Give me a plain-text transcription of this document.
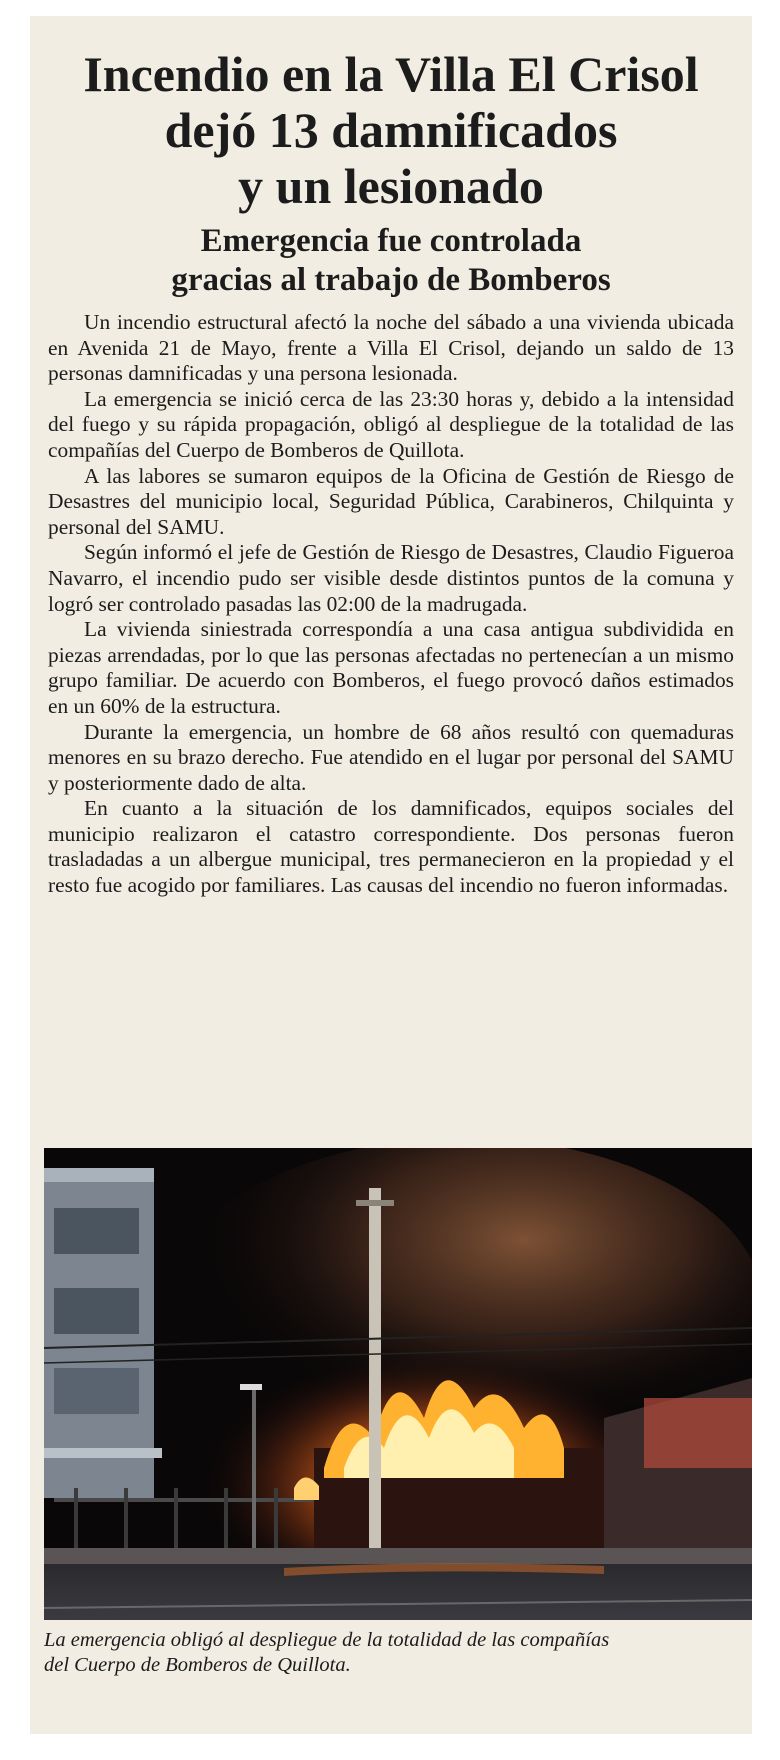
Incendio en la Villa El Crisol
dejó 13 damnificados
y un lesionado
Emergencia fue controlada
gracias al trabajo de Bomberos

Un incendio estructural afectó la noche del sábado a una vivienda ubicada en Avenida 21 de Mayo, frente a Villa El Crisol, dejando un saldo de 13 personas damnificadas y una persona lesionada.

La emergencia se inició cerca de las 23:30 horas y, debido a la intensidad del fuego y su rápida propagación, obligó al despliegue de la totalidad de las compañías del Cuerpo de Bomberos de Quillota.

A las labores se sumaron equipos de la Oficina de Gestión de Riesgo de Desastres del municipio local, Seguridad Pública, Carabineros, Chilquinta y personal del SAMU.

Según informó el jefe de Gestión de Riesgo de Desastres, Claudio Figueroa Navarro, el incendio pudo ser visible desde distintos puntos de la comuna y logró ser controlado pasadas las 02:00 de la madrugada.

La vivienda siniestrada correspondía a una casa antigua subdividida en piezas arrendadas, por lo que las personas afectadas no pertenecían a un mismo grupo familiar. De acuerdo con Bomberos, el fuego provocó daños estimados en un 60% de la estructura.

Durante la emergencia, un hombre de 68 años resultó con quemaduras menores en su brazo derecho. Fue atendido en el lugar por personal del SAMU y posteriormente dado de alta.

En cuanto a la situación de los damnificados, equipos sociales del municipio realizaron el catastro correspondiente. Dos personas fueron trasladadas a un albergue municipal, tres permanecieron en la propiedad y el resto fue acogido por familiares. Las causas del incendio no fueron informadas.

La emergencia obligó al despliegue de la totalidad de las compañías
del Cuerpo de Bomberos de Quillota.
